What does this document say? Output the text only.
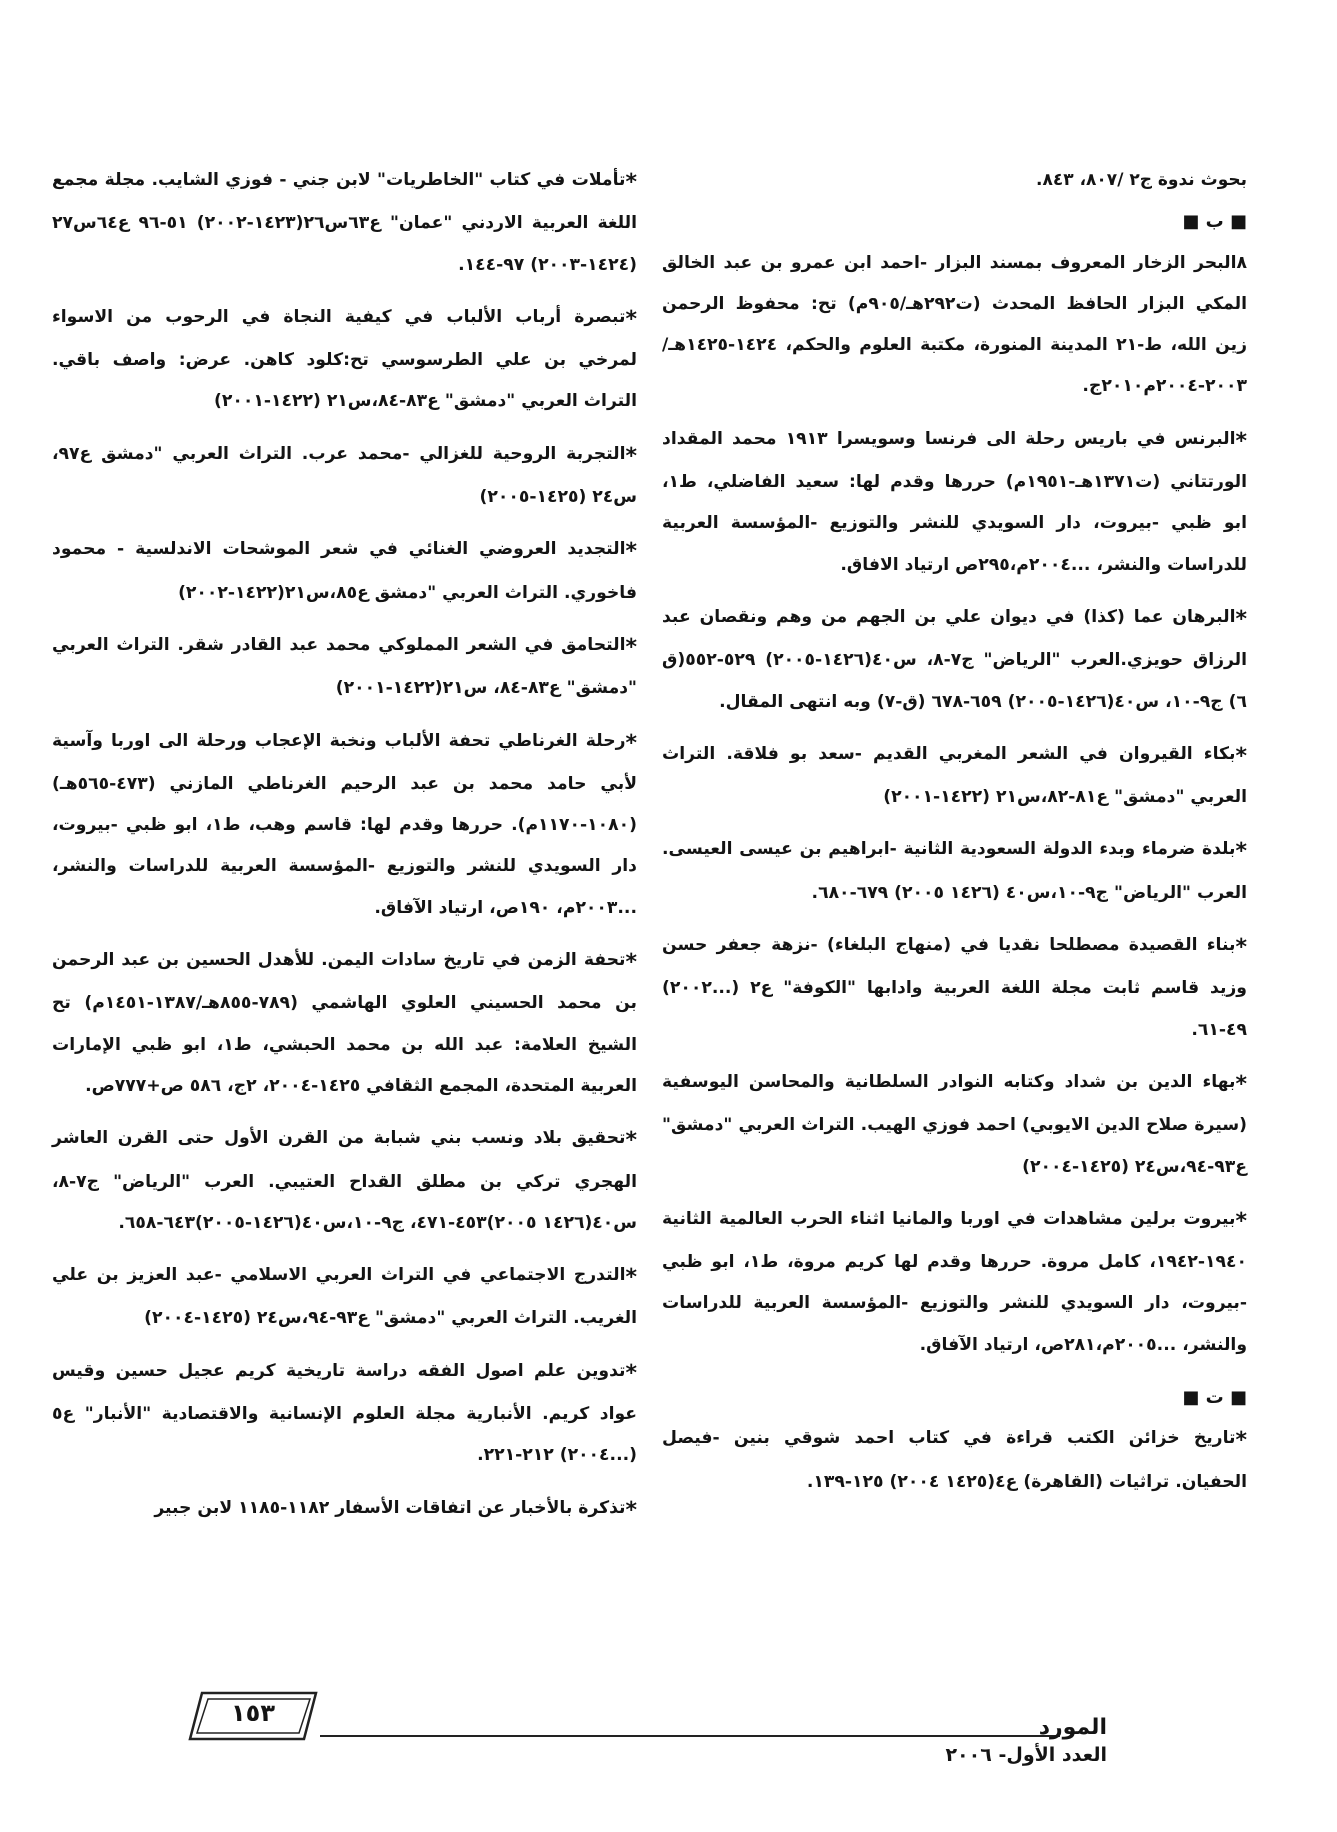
بحوث ندوة ج٢ /٨٠٧، ٨٤٣.
■ ب ■

٨البحر الزخار المعروف بمسند البزار -احمد ابن عمرو بن عبد الخالق المكي البزار الحافظ المحدث (ت٢٩٢هـ/٩٠٥م) تح: محفوظ الرحمن زين الله، ط-٢١ المدينة المنورة، مكتبة العلوم والحكم، ١٤٢٤-١٤٢٥هـ/٢٠٠٣-٢٠٠٤م٢٠١٠ج.

*البرنس في باريس رحلة الى فرنسا وسويسرا ١٩١٣ محمد المقداد الورتتاني (ت١٣٧١هـ-١٩٥١م) حررها وقدم لها: سعيد الفاضلي، ط١، ابو ظبي -بيروت، دار السويدي للنشر والتوزيع -المؤسسة العربية للدراسات والنشر، ...٢٠٠٤م،٢٩٥ص ارتياد الافاق.

*البرهان عما (كذا) في ديوان علي بن الجهم من وهم ونقصان عبد الرزاق حويزي.العرب "الرياض" ج٧-٨، س٤٠(١٤٢٦-٢٠٠٥) ٥٢٩-٥٥٢(ق ٦) ج٩-١٠، س٤٠(١٤٢٦-٢٠٠٥) ٦٥٩-٦٧٨ (ق-٧) وبه انتهى المقال.

*بكاء القيروان في الشعر المغربي القديم -سعد بو فلاقة. التراث العربي "دمشق" ع٨١-٨٢،س٢١ (١٤٢٢-٢٠٠١)

*بلدة ضرماء وبدء الدولة السعودية الثانية -ابراهيم بن عيسى العيسى. العرب "الرياض" ج٩-١٠،س٤٠ (١٤٢٦ ٢٠٠٥) ٦٧٩-٦٨٠.

*بناء القصيدة مصطلحا نقديا في (منهاج البلغاء) -نزهة جعفر حسن وزيد قاسم ثابت مجلة اللغة العربية وادابها "الكوفة" ع٢ (...٢٠٠٢) ٤٩-٦١.

*بهاء الدين بن شداد وكتابه النوادر السلطانية والمحاسن اليوسفية (سيرة صلاح الدين الايوبي) احمد فوزي الهيب. التراث العربي "دمشق" ع٩٣-٩٤،س٢٤ (١٤٢٥-٢٠٠٤)

*بيروت برلين مشاهدات في اوربا والمانيا اثناء الحرب العالمية الثانية ١٩٤٠-١٩٤٢، كامل مروة. حررها وقدم لها كريم مروة، ط١، ابو ظبي -بيروت، دار السويدي للنشر والتوزيع -المؤسسة العربية للدراسات والنشر، ...٢٠٠٥م،٢٨١ص، ارتياد الآفاق.

■ ت ■

*تاريخ خزائن الكتب قراءة في كتاب احمد شوقي بنين -فيصل الحفيان. تراثيات (القاهرة) ع٤(١٤٢٥ ٢٠٠٤) ١٢٥-١٣٩.

*تأملات في كتاب "الخاطريات" لابن جني - فوزي الشايب. مجلة مجمع اللغة العربية الاردني "عمان" ع٦٣س٢٦(١٤٢٣-٢٠٠٢) ٥١-٩٦ ع٦٤س٢٧ (١٤٢٤-٢٠٠٣) ٩٧-١٤٤.

*تبصرة أرباب الألباب في كيفية النجاة في الرحوب من الاسواء لمرخي بن علي الطرسوسي تح:كلود كاهن. عرض: واصف باقي. التراث العربي "دمشق" ع٨٣-٨٤،س٢١ (١٤٢٢-٢٠٠١)

*التجربة الروحية للغزالي -محمد عرب. التراث العربي "دمشق ع٩٧، س٢٤ (١٤٢٥-٢٠٠٥)

*التجديد العروضي الغنائي في شعر الموشحات الاندلسية - محمود فاخوري. التراث العربي "دمشق ع٨٥،س٢١(١٤٢٢-٢٠٠٢)

*التحامق في الشعر المملوكي محمد عبد القادر شقر. التراث العربي "دمشق" ع٨٣-٨٤، س٢١(١٤٢٢-٢٠٠١)

*رحلة الغرناطي تحفة الألباب ونخبة الإعجاب ورحلة الى اوربا وآسية لأبي حامد محمد بن عبد الرحيم الغرناطي المازني (٤٧٣-٥٦٥هـ) (١٠٨٠-١١٧٠م). حررها وقدم لها: قاسم وهب، ط١، ابو ظبي -بيروت، دار السويدي للنشر والتوزيع -المؤسسة العربية للدراسات والنشر، ...٢٠٠٣م، ١٩٠ص، ارتياد الآفاق.

*تحفة الزمن في تاريخ سادات اليمن. للأهدل الحسين بن عبد الرحمن بن محمد الحسيني العلوي الهاشمي (٧٨٩-٨٥٥هـ/١٣٨٧-١٤٥١م) تح الشيخ العلامة: عبد الله بن محمد الحبشي، ط١، ابو ظبي الإمارات العربية المتحدة، المجمع الثقافي ١٤٢٥-٢٠٠٤، ٢ج، ٥٨٦ ص+٧٧٧ص.

*تحقيق بلاد ونسب بني شبابة من القرن الأول حتى القرن العاشر الهجري تركي بن مطلق القداح العتيبي. العرب "الرياض" ج٧-٨، س٤٠(١٤٢٦ ٢٠٠٥)٤٥٣-٤٧١، ج٩-١٠،س٤٠(١٤٢٦-٢٠٠٥)٦٤٣-٦٥٨.

*التدرج الاجتماعي في التراث العربي الاسلامي -عبد العزيز بن علي الغريب. التراث العربي "دمشق" ع٩٣-٩٤،س٢٤ (١٤٢٥-٢٠٠٤)

*تدوين علم اصول الفقه دراسة تاريخية كريم عجيل حسين وقيس عواد كريم. الأنبارية مجلة العلوم الإنسانية والاقتصادية "الأنبار" ع٥ (...٢٠٠٤) ٢١٢-٢٢١.

*تذكرة بالأخبار عن اتفاقات الأسفار ١١٨٢-١١٨٥ لابن جبير

١٥٣
المورد
العدد الأول- ٢٠٠٦
